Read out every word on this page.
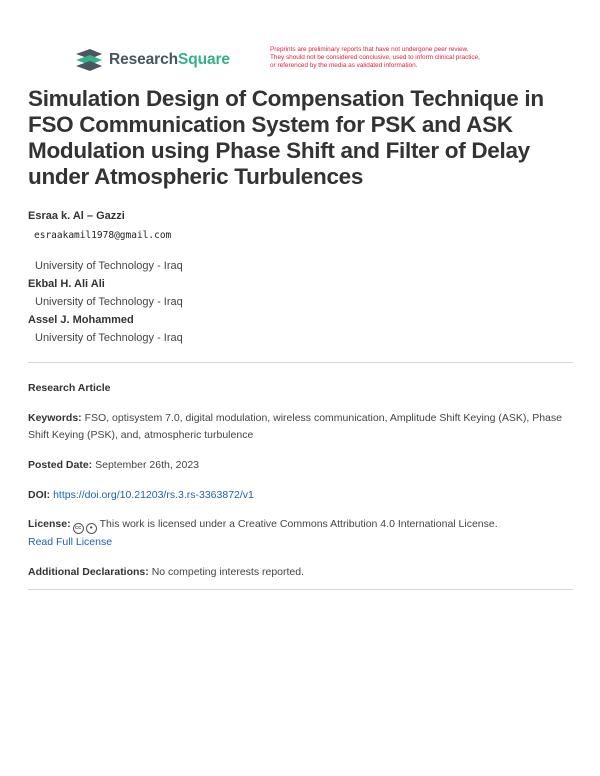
ResearchSquare
Preprints are preliminary reports that have not undergone peer review.
They should not be considered conclusive, used to inform clinical practice,
or referenced by the media as validated information.
Simulation Design of Compensation Technique in FSO Communication System for PSK and ASK Modulation using Phase Shift and Filter of Delay under Atmospheric Turbulences
Esraa k. Al – Gazzi
esraakamil1978@gmail.com
University of Technology - Iraq
Ekbal H. Ali Ali
University of Technology - Iraq
Assel J. Mohammed
University of Technology - Iraq
Research Article
Keywords: FSO, optisystem 7.0, digital modulation, wireless communication, Amplitude Shift Keying (ASK), Phase Shift Keying (PSK), and, atmospheric turbulence
Posted Date: September 26th, 2023
DOI: https://doi.org/10.21203/rs.3.rs-3363872/v1
License: cc	● This work is licensed under a Creative Commons Attribution 4.0 International License.
Read Full License
Additional Declarations: No competing interests reported.
